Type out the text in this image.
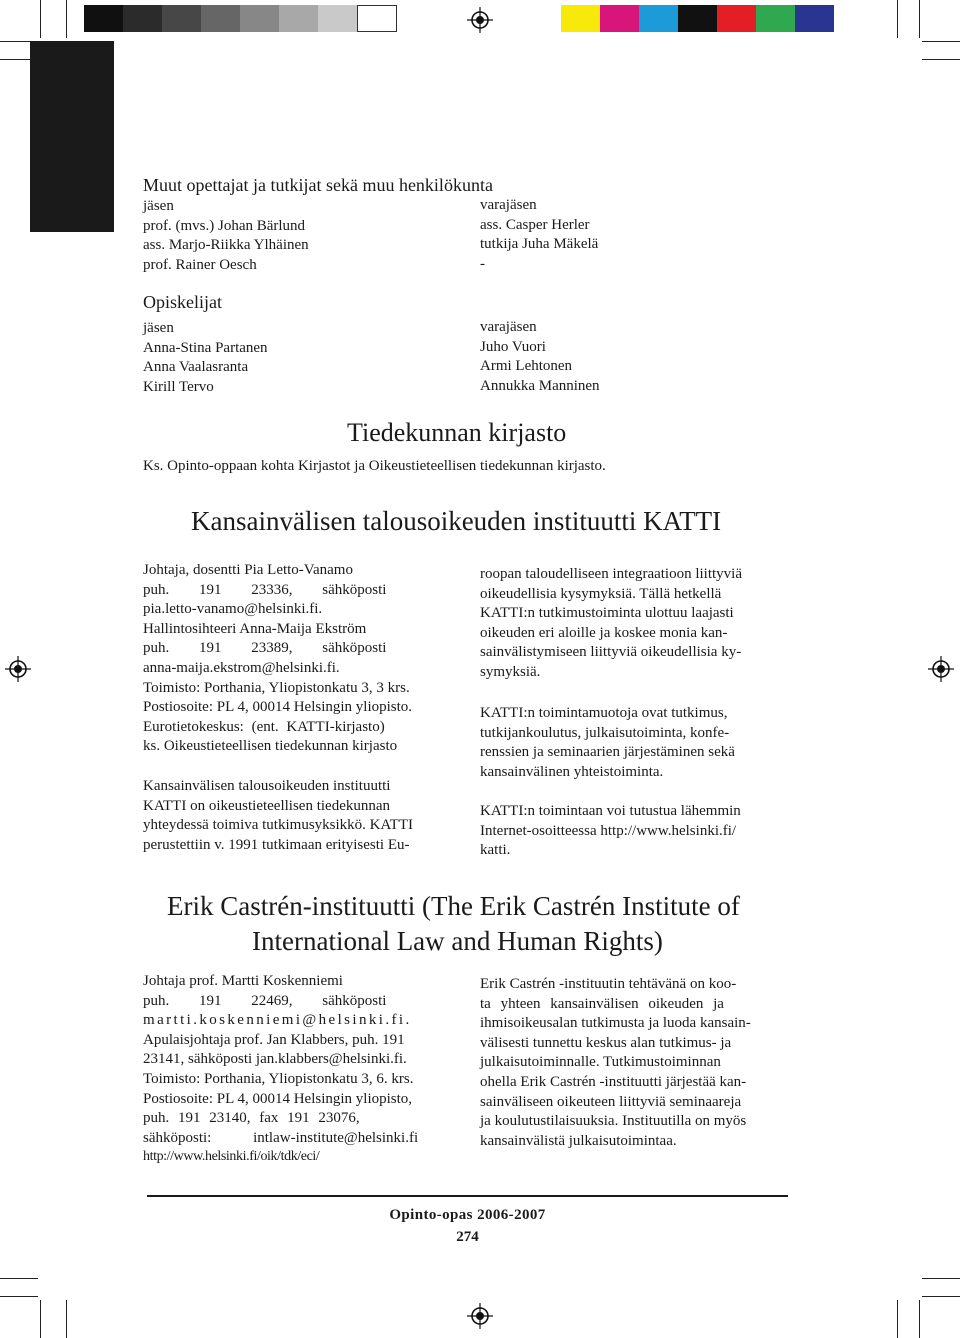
Muut opettajat ja tutkijat sekä muu henkilökunta
jäsen
prof. (mvs.) Johan Bärlund
ass. Marjo-Riikka Ylhäinen
prof. Rainer Oesch
varajäsen
ass. Casper Herler
tutkija Juha Mäkelä
-
Opiskelijat
jäsen
Anna-Stina Partanen
Anna Vaalasranta
Kirill Tervo
varajäsen
Juho Vuori
Armi Lehtonen
Annukka Manninen
Tiedekunnan kirjasto
Ks. Opinto-oppaan kohta Kirjastot ja Oikeustieteellisen tiedekunnan kirjasto.
Kansainvälisen talousoikeuden instituutti KATTI
Johtaja, dosentti Pia Letto-Vanamo
puh. 191 23336, sähköposti
pia.letto-vanamo@helsinki.fi.
Hallintosihteeri Anna-Maija Ekström
puh. 191 23389, sähköposti
anna-maija.ekstrom@helsinki.fi.
Toimisto: Porthania, Yliopistonkatu 3, 3 krs.
Postiosoite: PL 4, 00014 Helsingin yliopisto.
Eurotietokeskus: (ent. KATTI-kirjasto)
ks. Oikeustieteellisen tiedekunnan kirjasto
Kansainvälisen talousoikeuden instituutti
KATTI on oikeustieteellisen tiedekunnan
yhteydessä toimiva tutkimusyksikkö. KATTI
perustettiin v. 1991 tutkimaan erityisesti Eu-
roopan taloudelliseen integraatioon liittyviä
oikeudellisia kysymyksiä. Tällä hetkellä
KATTI:n tutkimustoiminta ulottuu laajasti
oikeuden eri aloille ja koskee monia kan-
sainvälistymiseen liittyviä oikeudellisia ky-
symyksiä.
KATTI:n toimintamuotoja ovat tutkimus,
tutkijankoulutus, julkaisutoiminta, konfe-
renssien ja seminaarien järjestäminen sekä
kansainvälinen yhteistoiminta.
KATTI:n toimintaan voi tutustua lähemmin
Internet-osoitteessa http://www.helsinki.fi/
katti.
Erik Castrén-instituutti (The Erik Castrén Institute of
International Law and Human Rights)
Johtaja prof. Martti Koskenniemi
puh. 191 22469, sähköposti
martti.koskenniemi@helsinki.fi.
Apulaisjohtaja prof. Jan Klabbers, puh. 191
23141, sähköposti jan.klabbers@helsinki.fi.
Toimisto: Porthania, Yliopistonkatu 3, 6. krs.
Postiosoite: PL 4, 00014 Helsingin yliopisto,
puh. 191 23140, fax 191 23076,
sähköposti: intlaw-institute@helsinki.fi
http://www.helsinki.fi/oik/tdk/eci/
Erik Castrén -instituutin tehtävänä on koo-
ta yhteen kansainvälisen oikeuden ja
ihmisoikeusalan tutkimusta ja luoda kansain-
välisesti tunnettu keskus alan tutkimus- ja
julkaisutoiminnalle. Tutkimustoiminnan
ohella Erik Castrén -instituutti järjestää kan-
sainväliseen oikeuteen liittyviä seminaareja
ja koulutustilaisuuksia. Instituutilla on myös
kansainvälistä julkaisutoimintaa.
Opinto-opas 2006-2007
274
